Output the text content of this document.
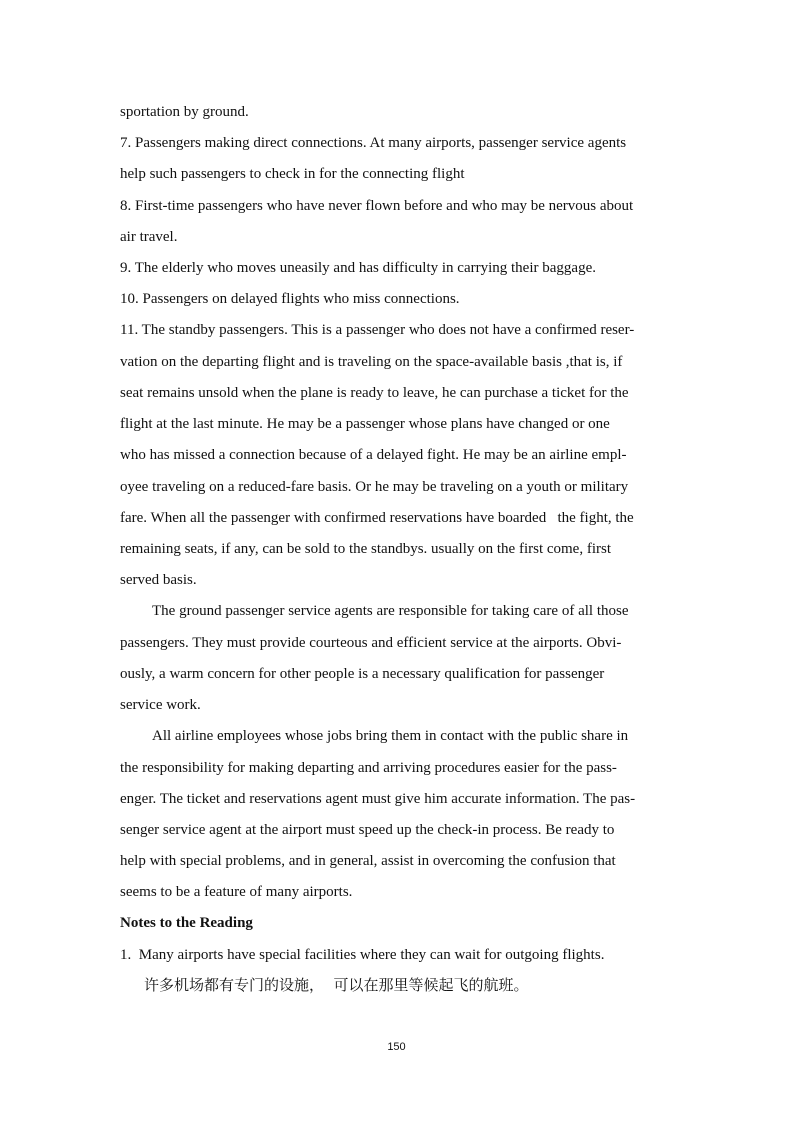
sportation by ground.
7. Passengers making direct connections. At many airports, passenger service agents
help such passengers to check in for the connecting flight
8. First-time passengers who have never flown before and who may be nervous about
air travel.
9. The elderly who moves uneasily and has difficulty in carrying their baggage.
10. Passengers on delayed flights who miss connections.
11. The standby passengers. This is a passenger who does not have a confirmed reser-
vation on the departing flight and is traveling on the space-available basis ,that is, if
seat remains unsold when the plane is ready to leave, he can purchase a ticket for the
flight at the last minute. He may be a passenger whose plans have changed or one
who has missed a connection because of a delayed fight. He may be an airline empl-
oyee traveling on a reduced-fare basis. Or he may be traveling on a youth or military
fare. When all the passenger with confirmed reservations have boarded   the fight, the
remaining seats, if any, can be sold to the standbys. usually on the first come, first
served basis.
The ground passenger service agents are responsible for taking care of all those
passengers. They must provide courteous and efficient service at the airports. Obvi-
ously, a warm concern for other people is a necessary qualification for passenger
service work.
All airline employees whose jobs bring them in contact with the public share in
the responsibility for making departing and arriving procedures easier for the pass-
enger. The ticket and reservations agent must give him accurate information. The pas-
senger service agent at the airport must speed up the check-in process. Be ready to
help with special problems, and in general, assist in overcoming the confusion that
seems to be a feature of many airports.
Notes to the Reading
1.  Many airports have special facilities where they can wait for outgoing flights.
许多机场都有专门的设施，  可以在那里等候起飞的航班。
150
